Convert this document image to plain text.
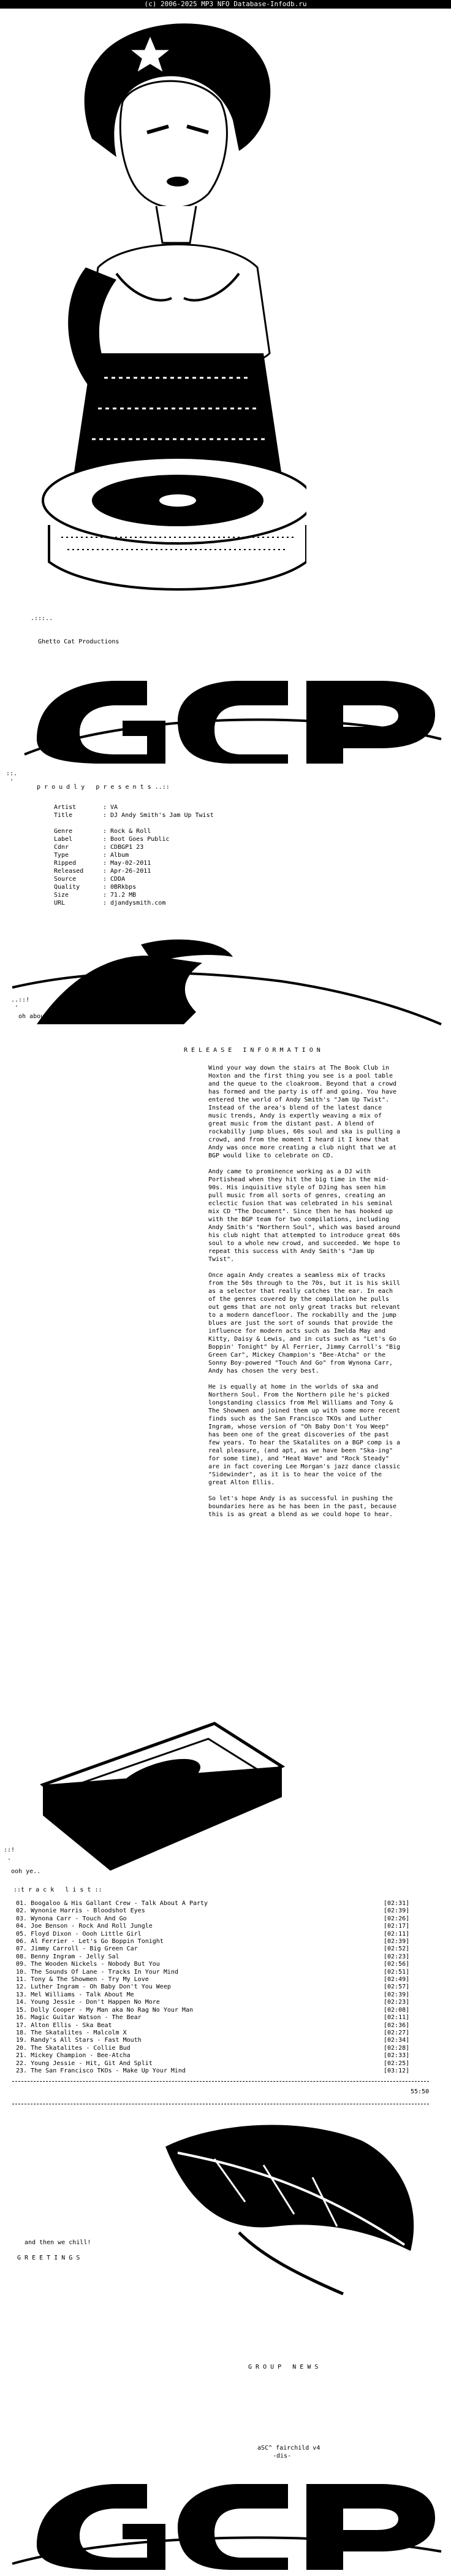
(c) 2006-2025 MP3 NFO Database-Infodb.ru
.:::..
Ghetto Cat Productions
::.
'
p r o u d l y   p r e s e n t s ..::
Artist	: VA
Title	: DJ Andy Smith's Jam Up Twist
Genre	: Rock & Roll
Label	: Boot Goes Public
Cdnr	: CDBGP1 23
Type	: Album
Ripped	: May-02-2011
Released	: Apr-26-2011
Source	: CDDA
Quality	: 0BRkbps
Size	: 71.2 MB
URL	: djandysmith.com
..::!
'
oh about this release
R E L E A S E   I N F O R M A T I O N

Wind your way down the stairs at The Book Club in Hoxton and the first thing you see is a pool table and the queue to the cloakroom. Beyond that a crowd has formed and the party is off and going. You have entered the world of Andy Smith's "Jam Up Twist". Instead of the area's blend of the latest dance music trends, Andy is expertly weaving a mix of great music from the distant past. A blend of rockabilly jump blues, 60s soul and ska is pulling a crowd, and from the moment I heard it I knew that Andy was once more creating a club night that we at BGP would like to celebrate on CD.

Andy came to prominence working as a DJ with Portishead when they hit the big time in the mid-90s. His inquisitive style of DJing has seen him pull music from all sorts of genres, creating an eclectic fusion that was celebrated in his seminal mix CD "The Document". Since then he has hooked up with the BGP team for two compilations, including Andy Smith's "Northern Soul", which was based around his club night that attempted to introduce great 60s soul to a whole new crowd, and succeeded. We hope to repeat this success with Andy Smith's "Jam Up Twist".

Once again Andy creates a seamless mix of tracks from the 50s through to the 70s, but it is his skill as a selector that really catches the ear. In each of the genres covered by the compilation he pulls out gems that are not only great tracks but relevant to a modern dancefloor. The rockabilly and the jump blues are just the sort of sounds that provide the influence for modern acts such as Imelda May and Kitty, Daisy & Lewis, and in cuts such as "Let's Go Boppin' Tonight" by Al Ferrier, Jimmy Carroll's "Big Green Car", Mickey Champion's "Bee-Atcha" or the Sonny Boy-powered "Touch And Go" from Wynona Carr, Andy has chosen the very best.

He is equally at home in the worlds of ska and Northern Soul. From the Northern pile he's picked longstanding classics from Mel Williams and Tony & The Showmen and joined them up with some more recent finds such as the San Francisco TKOs and Luther Ingram, whose version of "Oh Baby Don't You Weep" has been one of the great discoveries of the past few years. To hear the Skatalites on a BGP comp is a real pleasure, (and apt, as we have been "Ska-ing" for some time), and "Heat Wave" and "Rock Steady" are in fact covering Lee Morgan's jazz dance classic "Sidewinder", as it is to hear the voice of the great Alton Ellis.

So let's hope Andy is as successful in pushing the boundaries here as he has been in the past, because this is as great a blend as we could hope to hear.

::!
.
ooh ye..
::t r a c k   l i s t ::
01. Boogaloo & His Gallant Crew - Talk About A Party	[02:31]
02. Wynonie Harris - Bloodshot Eyes	[02:39]
03. Wynona Carr - Touch And Go	[02:26]
04. Joe Benson - Rock And Roll Jungle	[02:17]
05. Floyd Dixon - Oooh Little Girl	[02:11]
06. Al Ferrier - Let's Go Boppin Tonight	[02:39]
07. Jimmy Carroll - Big Green Car	[02:52]
08. Benny Ingram - Jelly Sal	[02:23]
09. The Wooden Nickels - Nobody But You	[02:56]
10. The Sounds Of Lane - Tracks In Your Mind	[02:51]
11. Tony & The Showmen - Try My Love	[02:49]
12. Luther Ingram - Oh Baby Don't You Weep	[02:57]
13. Mel Williams - Talk About Me	[02:39]
14. Young Jessie - Don't Happen No More	[02:23]
15. Dolly Cooper - My Man aka No Rag No Your Man	[02:08]
16. Magic Guitar Watson - The Bear	[02:11]
17. Alton Ellis - Ska Beat	[02:36]
18. The Skatalites - Malcolm X	[02:27]
19. Randy's All Stars - Fast Mouth	[02:34]
20. The Skatalites - Collie Bud	[02:28]
21. Mickey Champion - Bee-Atcha	[02:33]
22. Young Jessie - Hit, Git And Split	[02:25]
23. The San Francisco TKOs - Make Up Your Mind	[03:12]
55:50
and then we chill!
G R E E T I N G S
G R O U P   N E W S
aSC^ fairchild v4
-dis-
